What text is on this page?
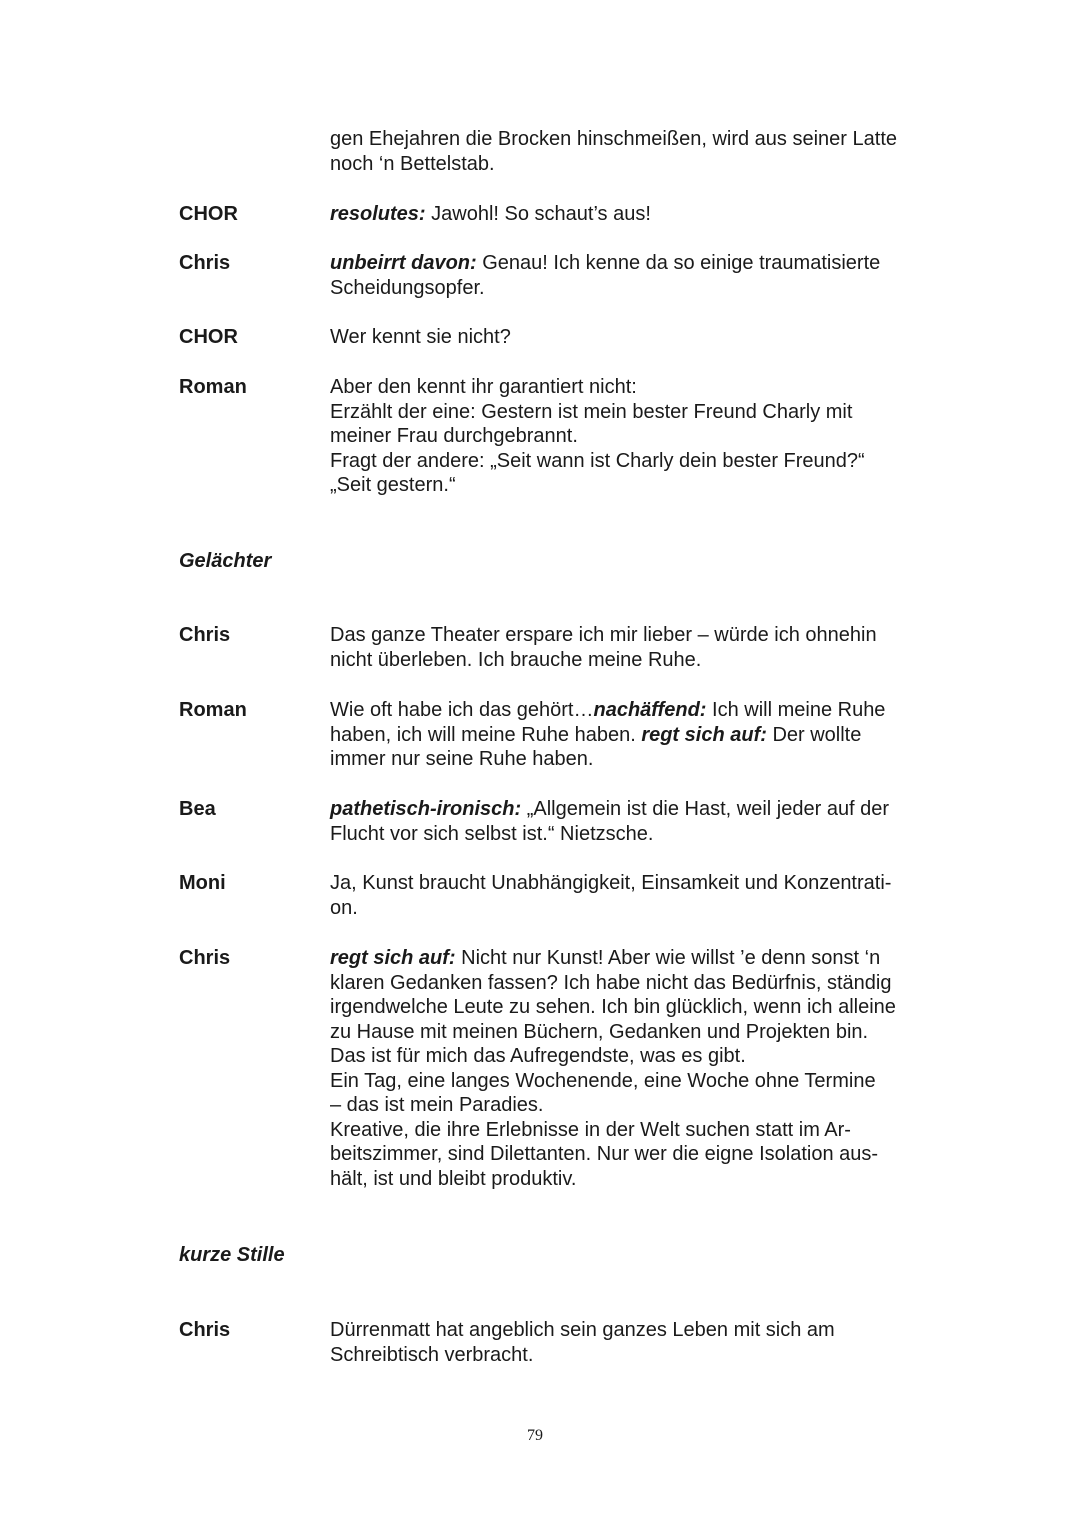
gen Ehejahren die Brocken hinschmeißen, wird aus seiner Latte
noch ‘n Bettelstab.
CHOR	resolutes: Jawohl! So schaut’s aus!
Chris	unbeirrt davon: Genau! Ich kenne da so einige traumatisierte
Scheidungsopfer.
CHOR	Wer kennt sie nicht?
Roman	Aber den kennt ihr garantiert nicht:
Erzählt der eine: Gestern ist mein bester Freund Charly mit
meiner Frau durchgebrannt.
Fragt der andere: „Seit wann ist Charly dein bester Freund?“
„Seit gestern.“
Gelächter
Chris	Das ganze Theater erspare ich mir lieber – würde ich ohnehin
nicht überleben. Ich brauche meine Ruhe.
Roman	Wie oft habe ich das gehört…nachäffend: Ich will meine Ruhe
haben, ich will meine Ruhe haben. regt sich auf: Der wollte
immer nur seine Ruhe haben.
Bea	pathetisch-ironisch: „Allgemein ist die Hast, weil jeder auf der
Flucht vor sich selbst ist.“ Nietzsche.
Moni	Ja, Kunst braucht Unabhängigkeit, Einsamkeit und Konzentrati-
on.
Chris	regt sich auf: Nicht nur Kunst! Aber wie willst ’e denn sonst ‘n
klaren Gedanken fassen? Ich habe nicht das Bedürfnis, ständig
irgendwelche Leute zu sehen. Ich bin glücklich, wenn ich alleine
zu Hause mit meinen Büchern, Gedanken und Projekten bin.
Das ist für mich das Aufregendste, was es gibt.
Ein Tag, eine langes Wochenende, eine Woche ohne Termine
– das ist mein Paradies.
Kreative, die ihre Erlebnisse in der Welt suchen statt im Ar-
beitszimmer, sind Dilettanten. Nur wer die eigne Isolation aus-
hält, ist und bleibt produktiv.
kurze Stille
Chris	Dürrenmatt hat angeblich sein ganzes Leben mit sich am
Schreibtisch verbracht.
79
